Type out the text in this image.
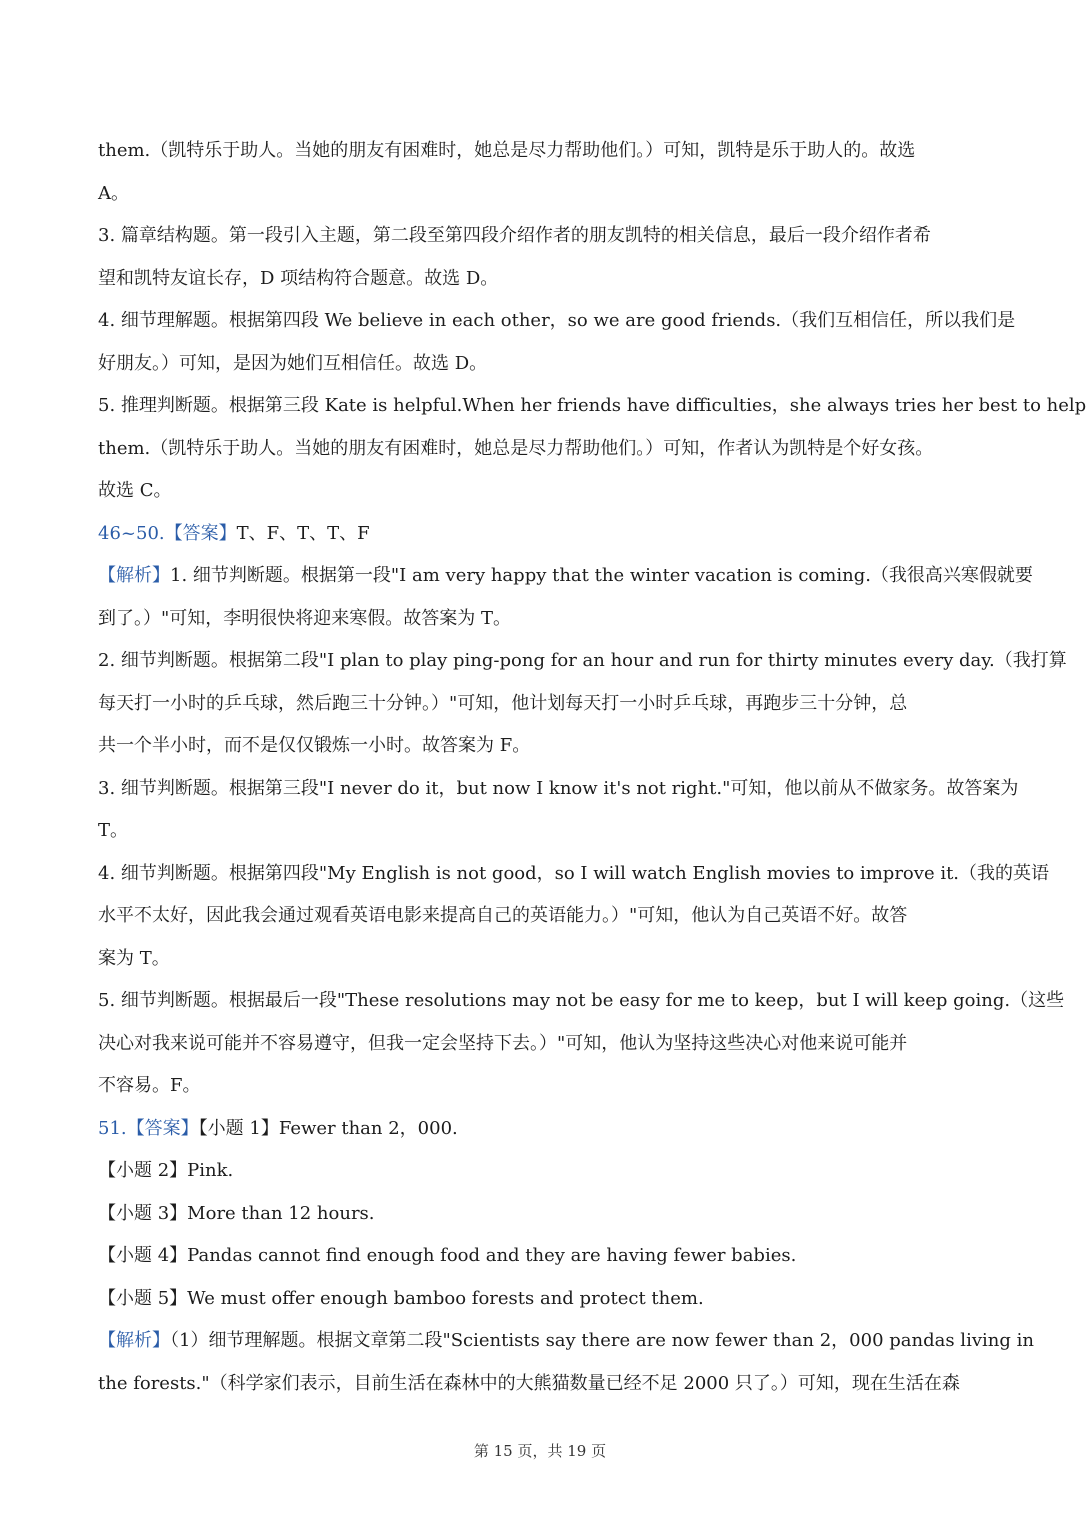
them.（凯特乐于助人。当她的朋友有困难时，她总是尽力帮助他们。）可知，凯特是乐于助人的。故选
A。
3. 篇章结构题。第一段引入主题，第二段至第四段介绍作者的朋友凯特的相关信息，最后一段介绍作者希
望和凯特友谊长存，D 项结构符合题意。故选 D。
4. 细节理解题。根据第四段 We believe in each other，so we are good friends.（我们互相信任，所以我们是
好朋友。）可知，是因为她们互相信任。故选 D。
5. 推理判断题。根据第三段 Kate is helpful.When her friends have difficulties，she always tries her best to help
them.（凯特乐于助人。当她的朋友有困难时，她总是尽力帮助他们。）可知，作者认为凯特是个好女孩。
故选 C。
46~50.【答案】T、F、T、T、F
【解析】1. 细节判断题。根据第一段"I am very happy that the winter vacation is coming.（我很高兴寒假就要
到了。）"可知，李明很快将迎来寒假。故答案为 T。
2. 细节判断题。根据第二段"I plan to play ping-pong for an hour and run for thirty minutes every day.（我打算
每天打一小时的乒乓球，然后跑三十分钟。）"可知，他计划每天打一小时乒乓球，再跑步三十分钟，总
共一个半小时，而不是仅仅锻炼一小时。故答案为 F。
3. 细节判断题。根据第三段"I never do it，but now I know it's not right."可知，他以前从不做家务。故答案为
T。
4. 细节判断题。根据第四段"My English is not good，so I will watch English movies to improve it.（我的英语
水平不太好，因此我会通过观看英语电影来提高自己的英语能力。）"可知，他认为自己英语不好。故答
案为 T。
5. 细节判断题。根据最后一段"These resolutions may not be easy for me to keep，but I will keep going.（这些
决心对我来说可能并不容易遵守，但我一定会坚持下去。）"可知，他认为坚持这些决心对他来说可能并
不容易。F。
51.【答案】【小题 1】Fewer than 2，000.
【小题 2】Pink.
【小题 3】More than 12 hours.
【小题 4】Pandas cannot find enough food and they are having fewer babies.
【小题 5】We must offer enough bamboo forests and protect them.
【解析】（1）细节理解题。根据文章第二段"Scientists say there are now fewer than 2，000 pandas living in
the forests."（科学家们表示，目前生活在森林中的大熊猫数量已经不足 2000 只了。）可知，现在生活在森
第 15 页，共 19 页
